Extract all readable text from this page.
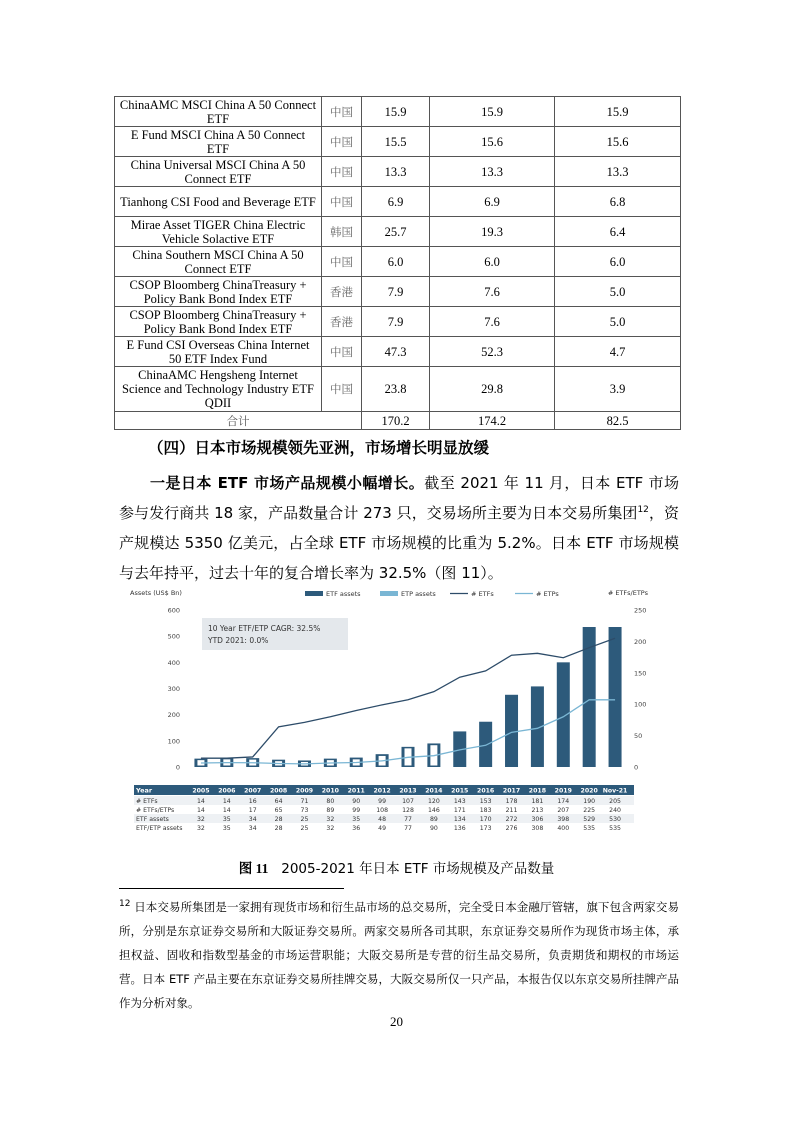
ChinaAMC MSCI China A 50 Connect ETF	中国	15.9	15.9	15.9
E Fund MSCI China A 50 Connect ETF	中国	15.5	15.6	15.6
China Universal MSCI China A 50 Connect ETF	中国	13.3	13.3	13.3
Tianhong CSI Food and Beverage ETF	中国	6.9	6.9	6.8
Mirae Asset TIGER China Electric Vehicle Solactive ETF	韩国	25.7	19.3	6.4
China Southern MSCI China A 50 Connect ETF	中国	6.0	6.0	6.0
CSOP Bloomberg ChinaTreasury + Policy Bank Bond Index ETF	香港	7.9	7.6	5.0
CSOP Bloomberg ChinaTreasury + Policy Bank Bond Index ETF	香港	7.9	7.6	5.0
E Fund CSI Overseas China Internet 50 ETF Index Fund	中国	47.3	52.3	4.7
ChinaAMC Hengsheng Internet Science and Technology Industry ETF QDII	中国	23.8	29.8	3.9
合计		170.2	174.2	82.5
（四）日本市场规模领先亚洲，市场增长明显放缓

一是日本 ETF 市场产品规模小幅增长。截至 2021 年 11 月，日本 ETF 市场参与发行商共 18 家，产品数量合计 273 只，交易场所主要为日本交易所集团$^{12}$，资产规模达 5350 亿美元，占全球 ETF 市场规模的比重为 5.2%。日本 ETF 市场规模与去年持平，过去十年的复合增长率为 32.5%（图 11）。

Assets (US$ Bn)	# ETFs/ETPs
ETF assets	ETP assets	# ETFs	# ETPs
600
500
400
300
200
100
0
250
200
150
100
50
0
10 Year ETF/ETP CAGR: 32.5%
YTD 2021: 0.0%
Year	2005 2006 2007 2008 2009 2010 2011 2012 2013 2014 2015 2016 2017 2018 2019 2020 Nov-21
# ETFs	14	14	16	64	71	80	90	99	107 120 143 153 178 181 174 190 205
# ETFs/ETPs	14	14	17	65	73	89	99	108 128 146 171 183 211 213 207 225 240
ETF assets	32	35	34	28	25	32	35	48	77	89	134 170 272 306 398 529 530
ETF/ETP assets 32	35	34	28	25	32	36	49	77	90	136 173 276 308 400 535 535
图 11 2005-2021 年日本 ETF 市场规模及产品数量
$^{12}$ 日本交易所集团是一家拥有现货市场和衍生品市场的总交易所，完全受日本金融厅管辖，旗下包含两家交易所，分别是东京证券交易所和大阪证券交易所。两家交易所各司其职，东京证券交易所作为现货市场主体，承担权益、固收和指数型基金的市场运营职能；大阪交易所是专营的衍生品交易所，负责期货和期权的市场运营。日本 ETF 产品主要在东京证券交易所挂牌交易，大阪交易所仅一只产品，本报告仅以东京交易所挂牌产品作为分析对象。
20
